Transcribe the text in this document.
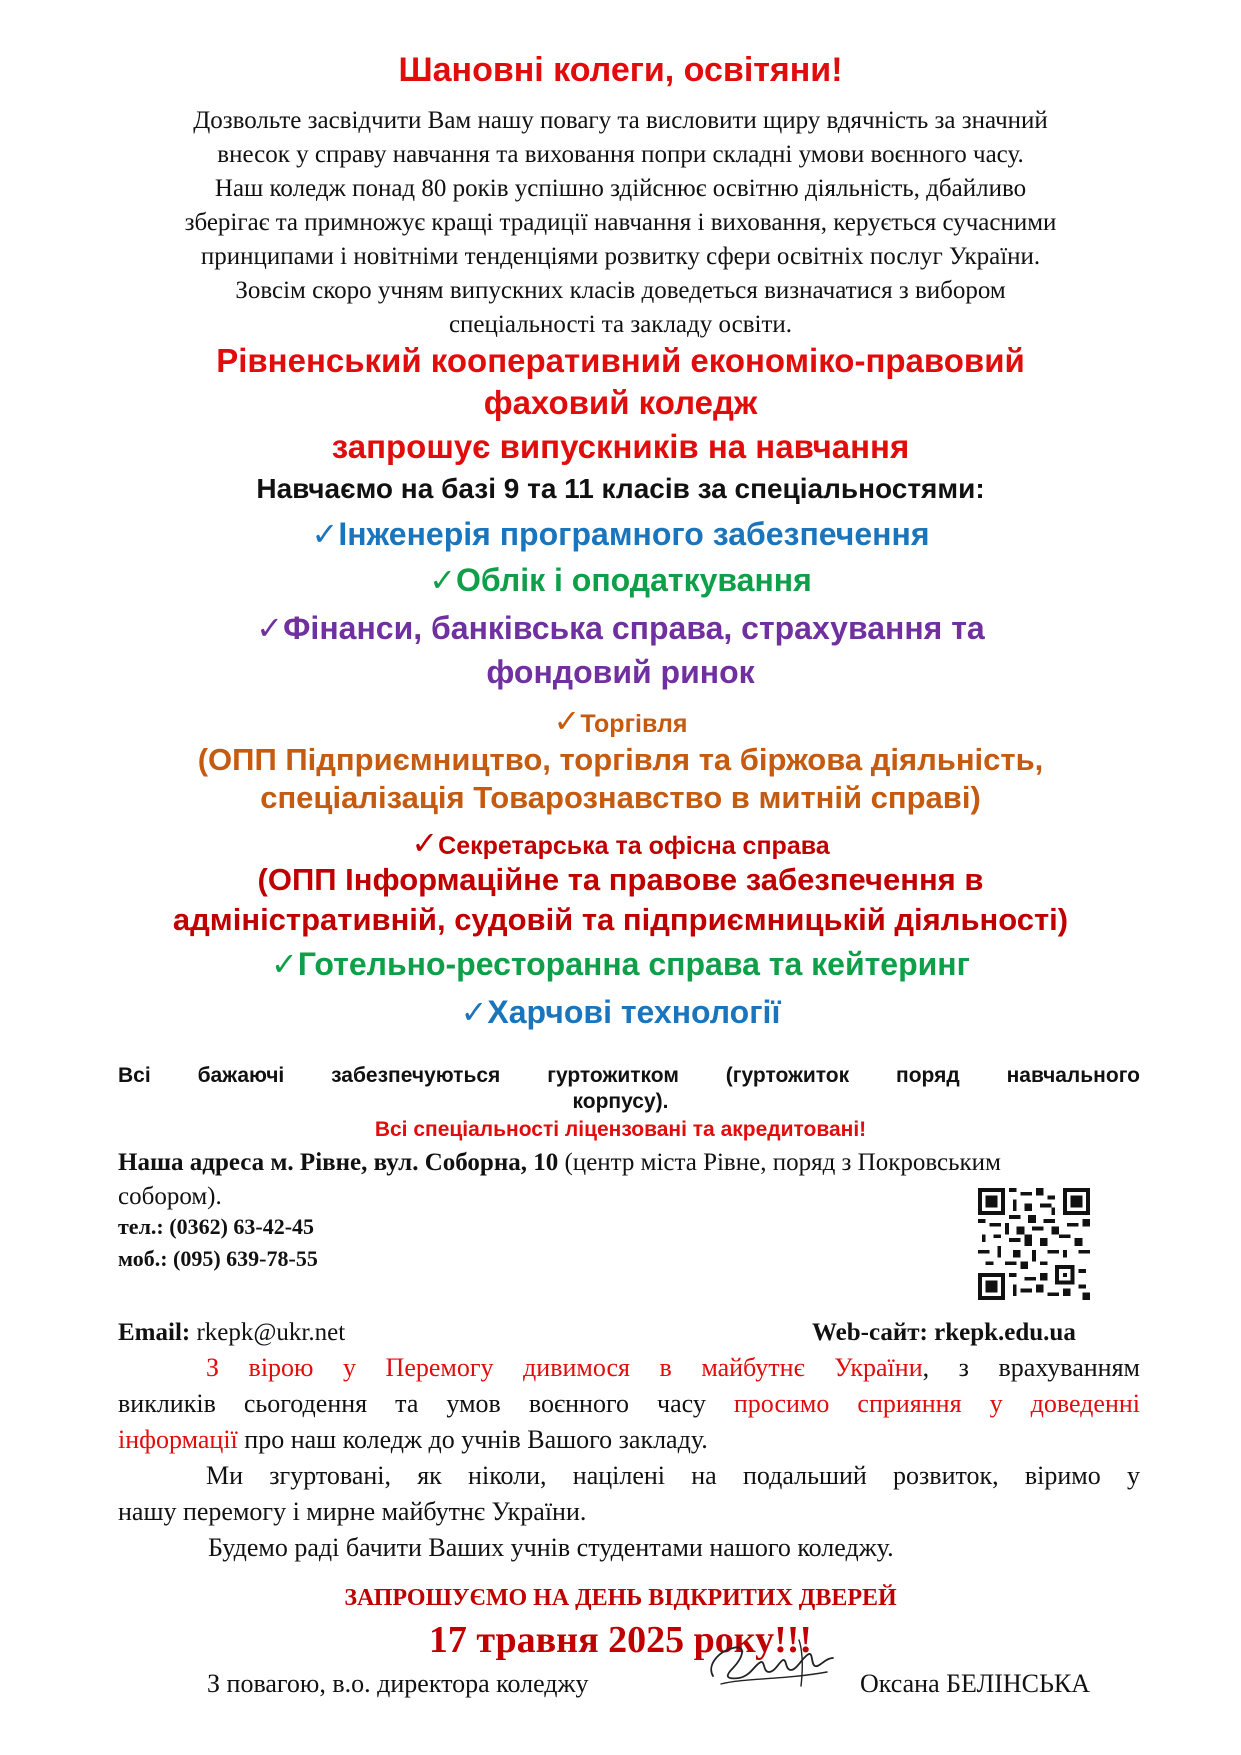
Шановні колеги, освітяни!
Дозвольте засвідчити Вам нашу повагу та висловити щиру вдячність за значний
внесок у справу навчання та виховання попри складні умови воєнного часу.
Наш коледж понад 80 років успішно здійснює освітню діяльність, дбайливо
зберігає та примножує кращі традиції навчання і виховання, керується сучасними
принципами і новітніми тенденціями розвитку сфери освітніх послуг України.
Зовсім скоро учням випускних класів доведеться визначатися з вибором
спеціальності та закладу освіти.
Рівненський кооперативний економіко-правовий
фаховий коледж
запрошує випускників на навчання
Навчаємо на базі 9 та 11 класів за спеціальностями:
✓Інженерія програмного забезпечення
✓Облік і оподаткування
✓Фінанси, банківська справа, страхування та
фондовий ринок
✓Торгівля
(ОПП Підприємництво, торгівля та біржова діяльність,
спеціалізація Товарознавство в митній справі)
✓Секретарська та офісна справа
(ОПП Інформаційне та правове забезпечення в
адміністративній, судовій та підприємницькій діяльності)
✓Готельно-ресторанна справа та кейтеринг
✓Харчові технології
Всі бажаючі забезпечуються гуртожитком (гуртожиток поряд навчального
корпусу).
Всі спеціальності ліцензовані та акредитовані!
Наша адреса м. Рівне, вул. Соборна, 10 (центр міста Рівне, поряд з Покровським
собором).
тел.: (0362) 63-42-45
моб.: (095) 639-78-55
Email: rkepk@ukr.net	Web-сайт: rkepk.edu.ua
З вірою у Перемогу дивимося в майбутнє України, з врахуванням
викликів сьогодення та умов воєнного часу просимо сприяння у доведенні
інформації про наш коледж до учнів Вашого закладу.
Ми згуртовані, як ніколи, націлені на подальший розвиток, віримо у
нашу перемогу і мирне майбутнє України.
Будемо раді бачити Ваших учнів студентами нашого коледжу.
ЗАПРОШУЄМО НА ДЕНЬ ВІДКРИТИХ ДВЕРЕЙ
17 травня 2025 року!!!
З повагою, в.о. директора коледжу	Оксана БЕЛІНСЬКА
